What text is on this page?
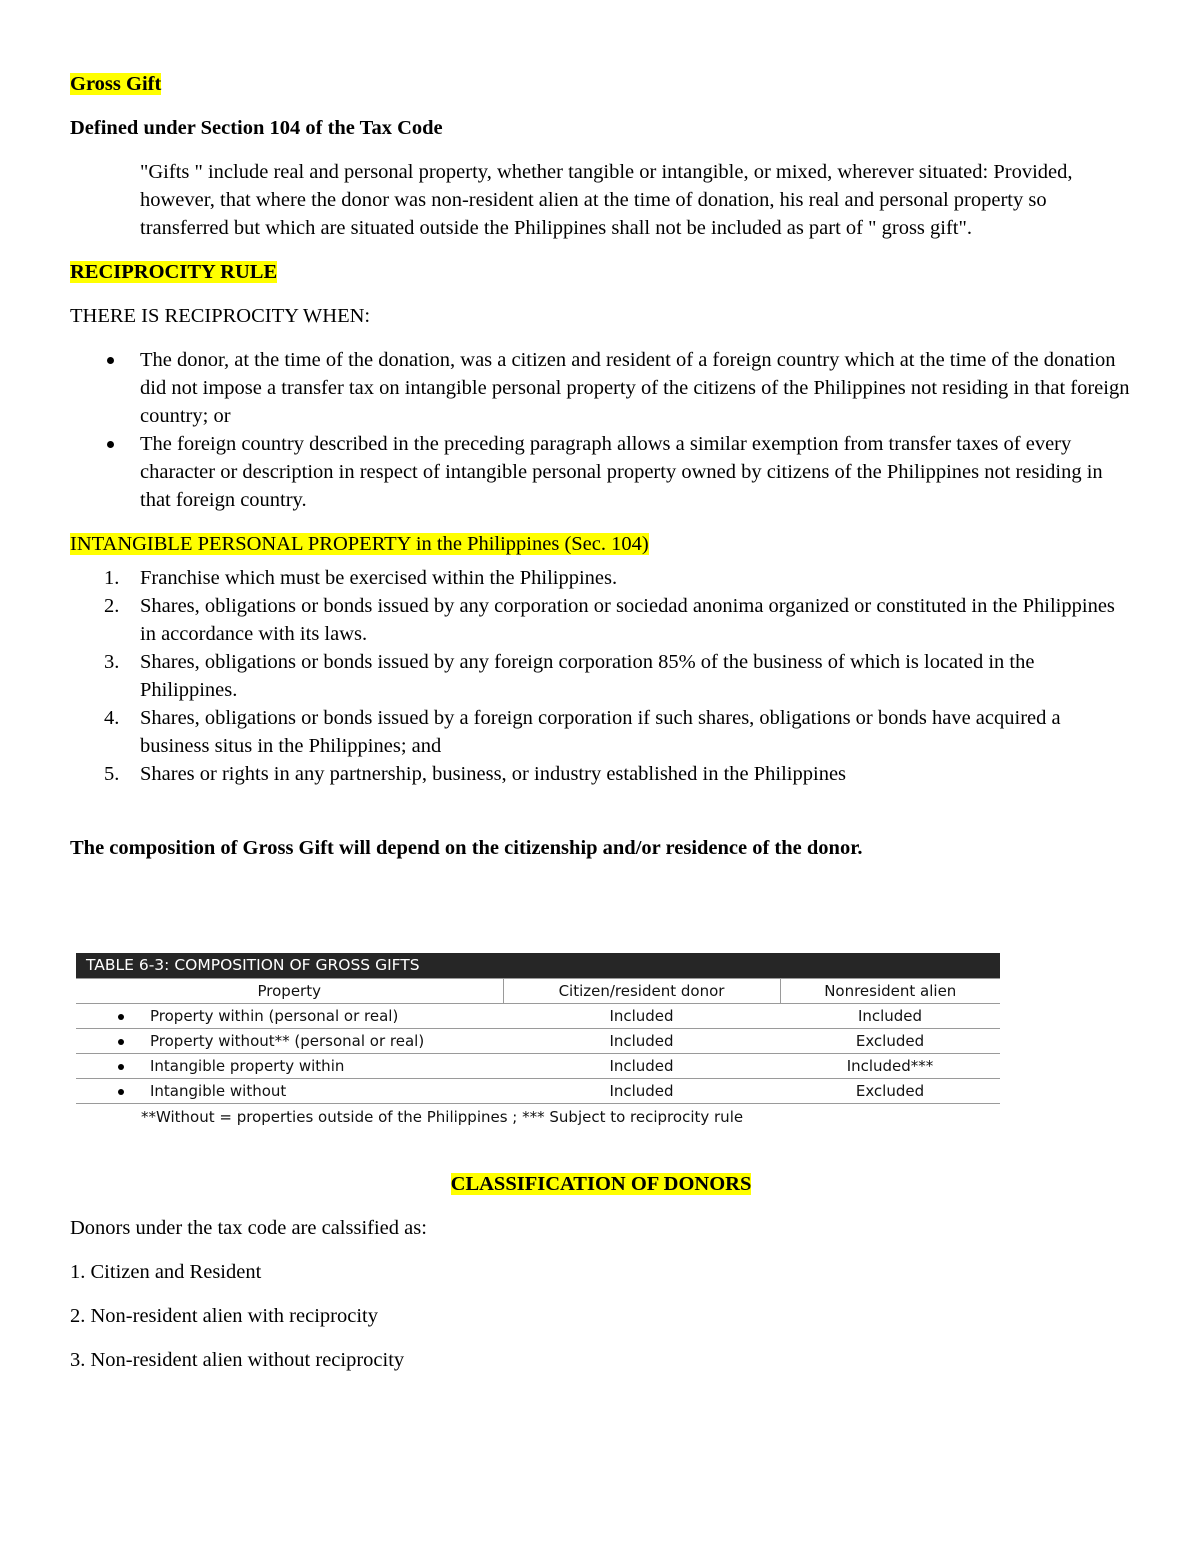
Gross Gift
Defined under Section 104 of the Tax Code
"Gifts " include real and personal property, whether tangible or intangible, or mixed, wherever situated: Provided, however, that where the donor was non-resident alien at the time of donation, his real and personal property so transferred but which are situated outside the Philippines shall not be included as part of " gross gift".
RECIPROCITY RULE
THERE IS RECIPROCITY WHEN:
The donor, at the time of the donation, was a citizen and resident of a foreign country which at the time of the donation did not impose a transfer tax on intangible personal property of the citizens of the Philippines not residing in that foreign country; or
The foreign country described in the preceding paragraph allows a similar exemption from transfer taxes of every character or description in respect of intangible personal property owned by citizens of the Philippines not residing in that foreign country.
INTANGIBLE PERSONAL PROPERTY in the Philippines (Sec. 104)
1. Franchise which must be exercised within the Philippines.
2. Shares, obligations or bonds issued by any corporation or sociedad anonima organized or constituted in the Philippines in accordance with its laws.
3. Shares, obligations or bonds issued by any foreign corporation 85% of the business of which is located in the Philippines.
4. Shares, obligations or bonds issued by a foreign corporation if such shares, obligations or bonds have acquired a business situs in the Philippines; and
5. Shares or rights in any partnership, business, or industry established in the Philippines
The composition of Gross Gift will depend on the citizenship and/or residence of the donor.
TABLE 6-3: COMPOSITION OF GROSS GIFTS
Property	Citizen/resident donor	Nonresident alien

Property within (personal or real)	Included	Included

Property without** (personal or real)	Included	Excluded

Intangible property within	Included	Included***

Intangible without	Included	Excluded
**Without = properties outside of the Philippines ; *** Subject to reciprocity rule
CLASSIFICATION OF DONORS
Donors under the tax code are calssified as:
1. Citizen and Resident
2. Non-resident alien with reciprocity
3. Non-resident alien without reciprocity
